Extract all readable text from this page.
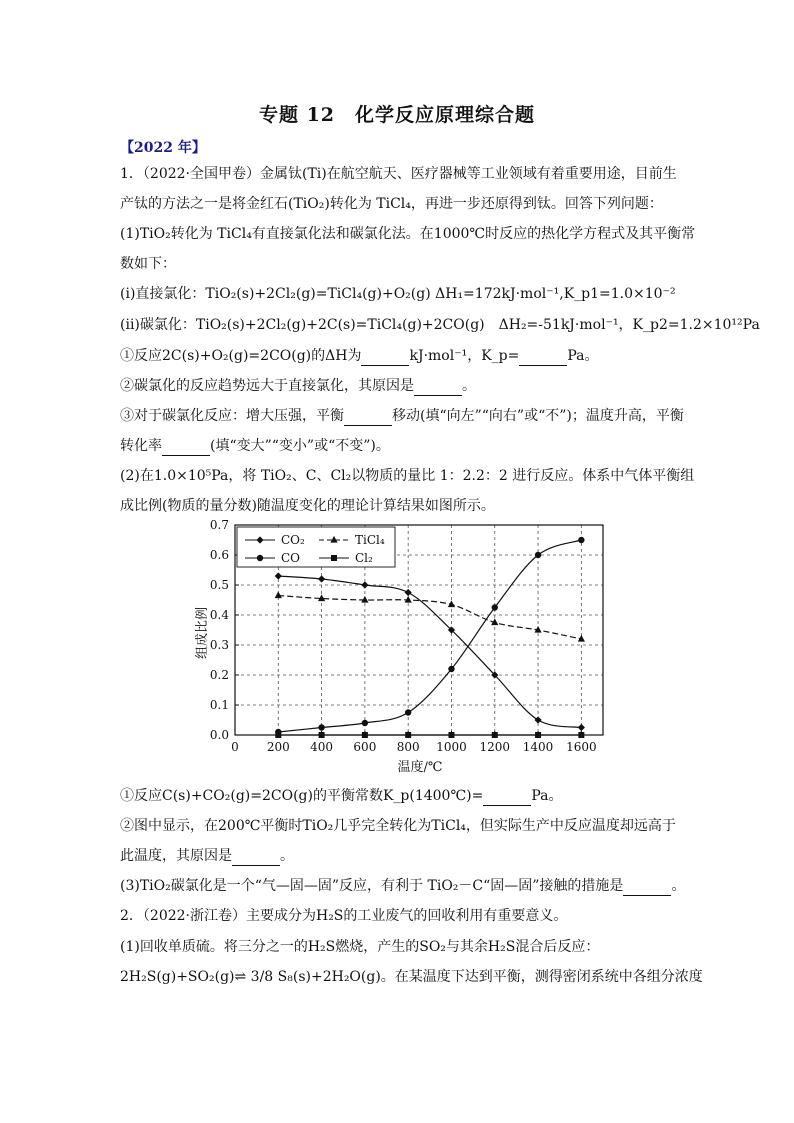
专题 12　化学反应原理综合题
【2022 年】
1．（2022·全国甲卷）金属钛(Ti)在航空航天、医疗器械等工业领域有着重要用途，目前生
产钛的方法之一是将金红石(TiO₂)转化为 TiCl₄，再进一步还原得到钛。回答下列问题：
(1)TiO₂转化为 TiCl₄有直接氯化法和碳氯化法。在1000℃时反应的热化学方程式及其平衡常
数如下：
(ⅰ)直接氯化：TiO₂(s)+2Cl₂(g)=TiCl₄(g)+O₂(g) ΔH₁=172kJ·mol⁻¹,K_p1=1.0×10⁻²
(ⅱ)碳氯化：TiO₂(s)+2Cl₂(g)+2C(s)=TiCl₄(g)+2CO(g)　ΔH₂=-51kJ·mol⁻¹，K_p2=1.2×10¹²Pa
①反应2C(s)+O₂(g)=2CO(g)的ΔH为	kJ·mol⁻¹，K_p=	Pa。
②碳氯化的反应趋势远大于直接氯化，其原因是	。
③对于碳氯化反应：增大压强，平衡	移动(填“向左”“向右”或“不”)；温度升高，平衡
转化率	(填“变大”“变小”或“不变”)。
(2)在1.0×10⁵Pa，将 TiO₂、C、Cl₂以物质的量比 1：2.2：2 进行反应。体系中气体平衡组
成比例(物质的量分数)随温度变化的理论计算结果如图所示。
组成比例
温度/℃
0 200 400 600 800 1000 1200 1400 1600
0.0
0.1
0.2
0.3
0.4
0.5
0.6
0.7
CO₂	TiCl₄
CO	Cl₂
①反应C(s)+CO₂(g)=2CO(g)的平衡常数K_p(1400℃)=	Pa。
②图中显示，在200℃平衡时TiO₂几乎完全转化为TiCl₄，但实际生产中反应温度却远高于
此温度，其原因是	。
(3)TiO₂碳氯化是一个“气—固—固”反应，有利于 TiO₂－C“固—固”接触的措施是	。
2．（2022·浙江卷）主要成分为H₂S的工业废气的回收利用有重要意义。
(1)回收单质硫。将三分之一的H₂S燃烧，产生的SO₂与其余H₂S混合后反应：
2H₂S(g)+SO₂(g)⇌ 3/8 S₈(s)+2H₂O(g)。在某温度下达到平衡，测得密闭系统中各组分浓度
